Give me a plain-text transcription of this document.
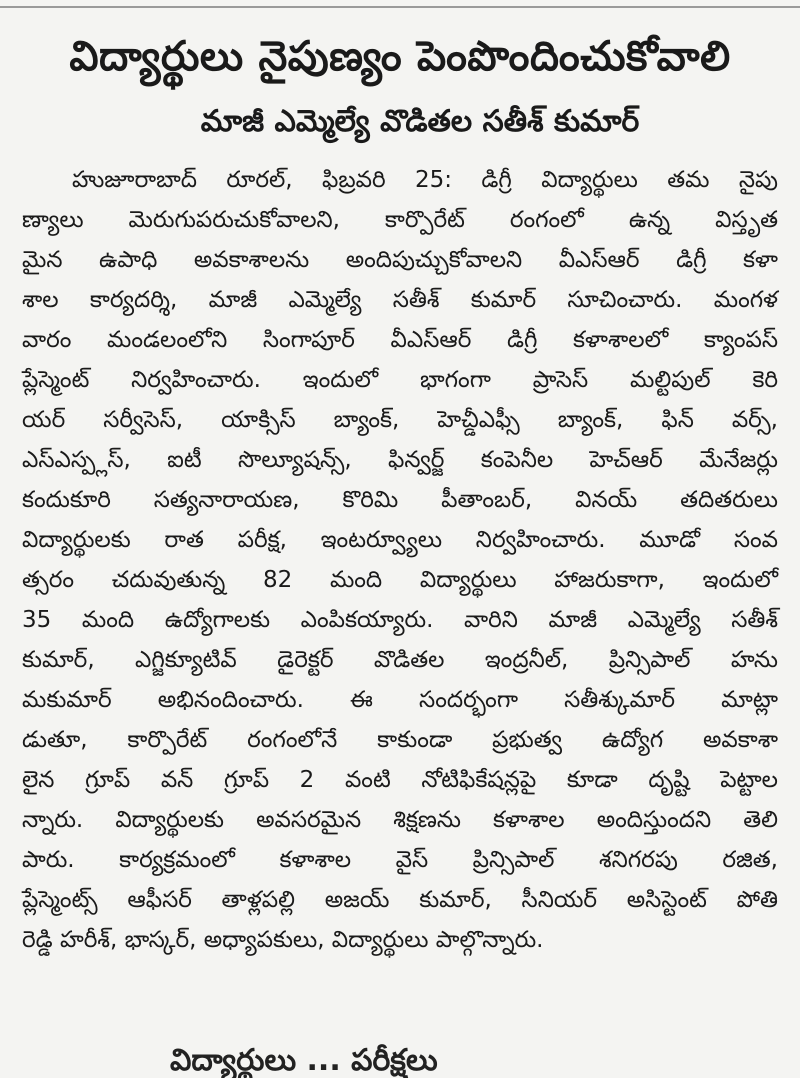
విద్యార్థులు నైపుణ్యం పెంపొందించుకోవాలి
మాజీ ఎమ్మెల్యే వొడితల సతీశ్ కుమార్
హుజూరాబాద్ రూరల్, ఫిబ్రవరి 25: డిగ్రీ విద్యార్థులు తమ నైపు
ణ్యాలు మెరుగుపరుచుకోవాలని, కార్పొరేట్ రంగంలో ఉన్న విస్తృత
మైన ఉపాధి అవకాశాలను అందిపుచ్చుకోవాలని వీఎస్ఆర్ డిగ్రీ కళా
శాల కార్యదర్శి, మాజీ ఎమ్మెల్యే సతీశ్ కుమార్ సూచించారు. మంగళ
వారం మండలంలోని సింగాపూర్ వీఎస్ఆర్ డిగ్రీ కళాశాలలో క్యాంపస్
ప్లేస్మెంట్ నిర్వహించారు. ఇందులో భాగంగా ప్రాసెస్ మల్టిపుల్ కెరి
యర్ సర్వీసెస్, యాక్సిస్ బ్యాంక్, హెచ్డీఎఫ్సీ బ్యాంక్, ఫిన్ వర్స్,
ఎస్ఎస్ప్లస్, ఐటీ సొల్యూషన్స్, ఫిన్వర్జ్ కంపెనీల హెచ్ఆర్ మేనేజర్లు
కందుకూరి సత్యనారాయణ, కొరిమి పీతాంబర్, వినయ్ తదితరులు
విద్యార్థులకు రాత పరీక్ష, ఇంటర్వ్యూలు నిర్వహించారు. మూడో సంవ
త్సరం చదువుతున్న 82 మంది విద్యార్థులు హాజరుకాగా, ఇందులో
35 మంది ఉద్యోగాలకు ఎంపికయ్యారు. వారిని మాజీ ఎమ్మెల్యే సతీశ్
కుమార్, ఎగ్జిక్యూటివ్ డైరెక్టర్ వొడితల ఇంద్రనీల్, ప్రిన్సిపాల్ హను
మకుమార్ అభినందించారు. ఈ సందర్భంగా సతీశ్కుమార్ మాట్లా
డుతూ, కార్పొరేట్ రంగంలోనే కాకుండా ప్రభుత్వ ఉద్యోగ అవకాశా
లైన గ్రూప్ వన్ గ్రూప్ 2 వంటి నోటిఫికేషన్లపై కూడా దృష్టి పెట్టాల
న్నారు. విద్యార్థులకు అవసరమైన శిక్షణను కళాశాల అందిస్తుందని తెలి
పారు. కార్యక్రమంలో కళాశాల వైస్ ప్రిన్సిపాల్ శనిగరపు రజిత,
ప్లేస్మెంట్స్ ఆఫీసర్ తాళ్లపల్లి అజయ్ కుమార్, సీనియర్ అసిస్టెంట్ పోతి
రెడ్డి హరీశ్, భాస్కర్, అధ్యాపకులు, విద్యార్థులు పాల్గొన్నారు.
విద్యార్థులు ... పరీక్షలు
